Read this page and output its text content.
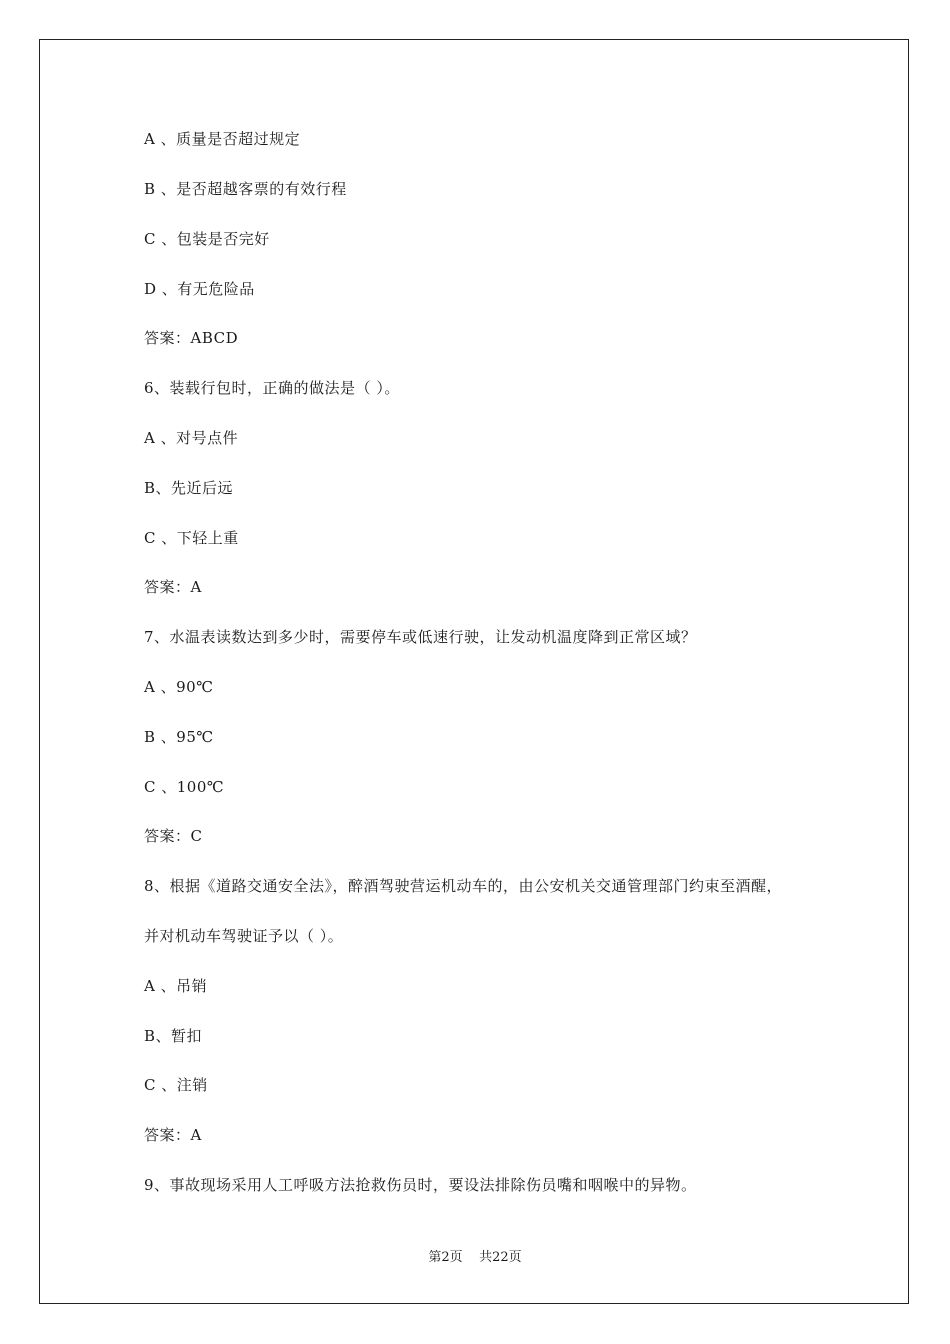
A 、质量是否超过规定
B 、是否超越客票的有效行程
C 、包装是否完好
D 、有无危险品
答案：ABCD
6、装载行包时，正确的做法是（ ）。
A 、对号点件
B、先近后远
C 、下轻上重
答案：A
7、水温表读数达到多少时，需要停车或低速行驶，让发动机温度降到正常区域？
A 、90℃
B 、95℃
C 、100℃
答案：C
8、根据《道路交通安全法》，醉酒驾驶营运机动车的，由公安机关交通管理部门约束至酒醒，
并对机动车驾驶证予以（ ）。
A 、吊销
B、暂扣
C 、注销
答案：A
9、事故现场采用人工呼吸方法抢救伤员时，要设法排除伤员嘴和咽喉中的异物。
第2页    共22页
